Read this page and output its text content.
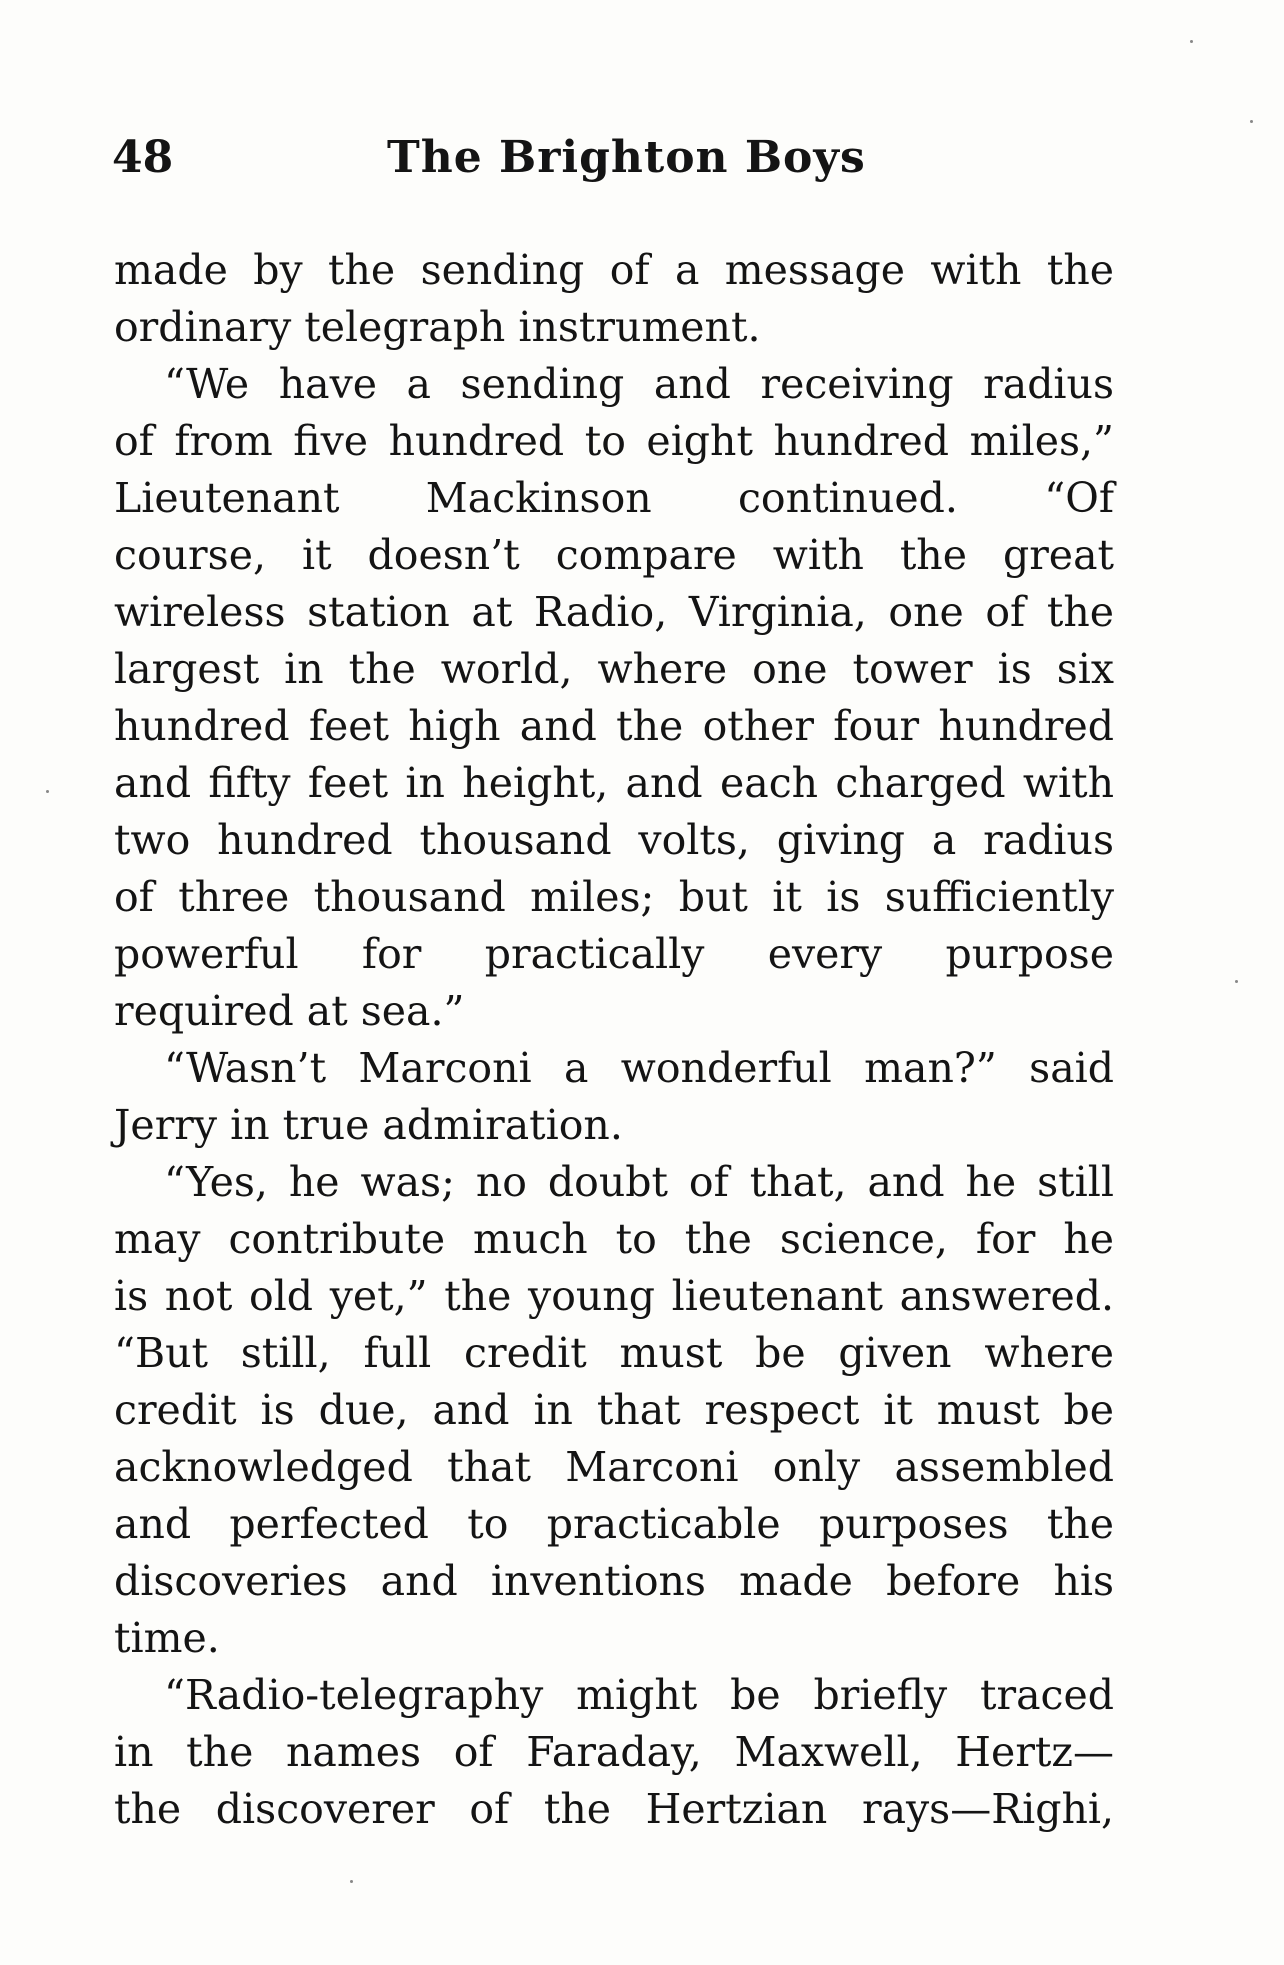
48	The Brighton Boys
made by the sending of a message with the
ordinary telegraph instrument.
“We have a sending and receiving radius
of from five hundred to eight hundred miles,”
Lieutenant Mackinson continued. “Of
course, it doesn’t compare with the great
wireless station at Radio, Virginia, one of the
largest in the world, where one tower is six
hundred feet high and the other four hundred
and fifty feet in height, and each charged with
two hundred thousand volts, giving a radius
of three thousand miles; but it is sufficiently
powerful for practically every purpose
required at sea.”
“Wasn’t Marconi a wonderful man?” said
Jerry in true admiration.
“Yes, he was; no doubt of that, and he still
may contribute much to the science, for he
is not old yet,” the young lieutenant answered.
“But still, full credit must be given where
credit is due, and in that respect it must be
acknowledged that Marconi only assembled
and perfected to practicable purposes the
discoveries and inventions made before his
time.
“Radio-telegraphy might be briefly traced
in the names of Faraday, Maxwell, Hertz—
the discoverer of the Hertzian rays—Righi,
